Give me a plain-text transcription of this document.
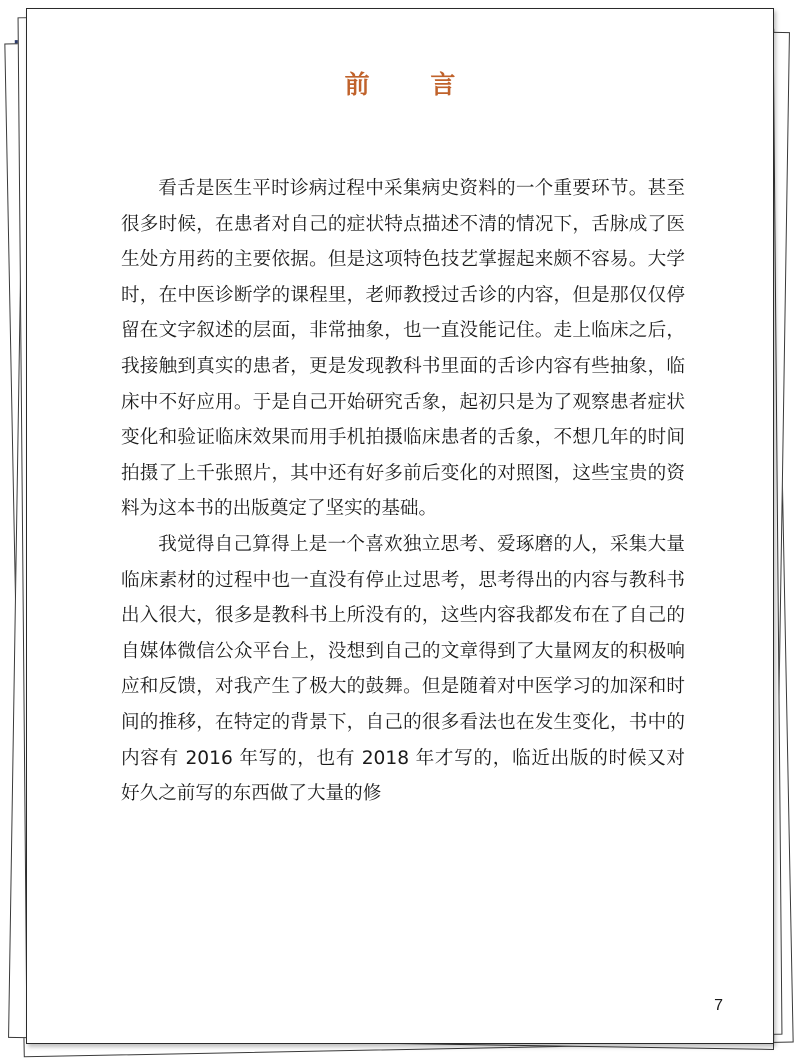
前 言

看舌是医生平时诊病过程中采集病史资料的一个重要环节。甚至很多时候，在患者对自己的症状特点描述不清的情况下，舌脉成了医生处方用药的主要依据。但是这项特色技艺掌握起来颇不容易。大学时，在中医诊断学的课程里，老师教授过舌诊的内容，但是那仅仅停留在文字叙述的层面，非常抽象，也一直没能记住。走上临床之后，我接触到真实的患者，更是发现教科书里面的舌诊内容有些抽象，临床中不好应用。于是自己开始研究舌象，起初只是为了观察患者症状变化和验证临床效果而用手机拍摄临床患者的舌象，不想几年的时间拍摄了上千张照片，其中还有好多前后变化的对照图，这些宝贵的资料为这本书的出版奠定了坚实的基础。

我觉得自己算得上是一个喜欢独立思考、爱琢磨的人，采集大量临床素材的过程中也一直没有停止过思考，思考得出的内容与教科书出入很大，很多是教科书上所没有的，这些内容我都发布在了自己的自媒体微信公众平台上，没想到自己的文章得到了大量网友的积极响应和反馈，对我产生了极大的鼓舞。但是随着对中医学习的加深和时间的推移，在特定的背景下，自己的很多看法也在发生变化，书中的内容有 2016 年写的，也有 2018 年才写的，临近出版的时候又对好久之前写的东西做了大量的修

7
